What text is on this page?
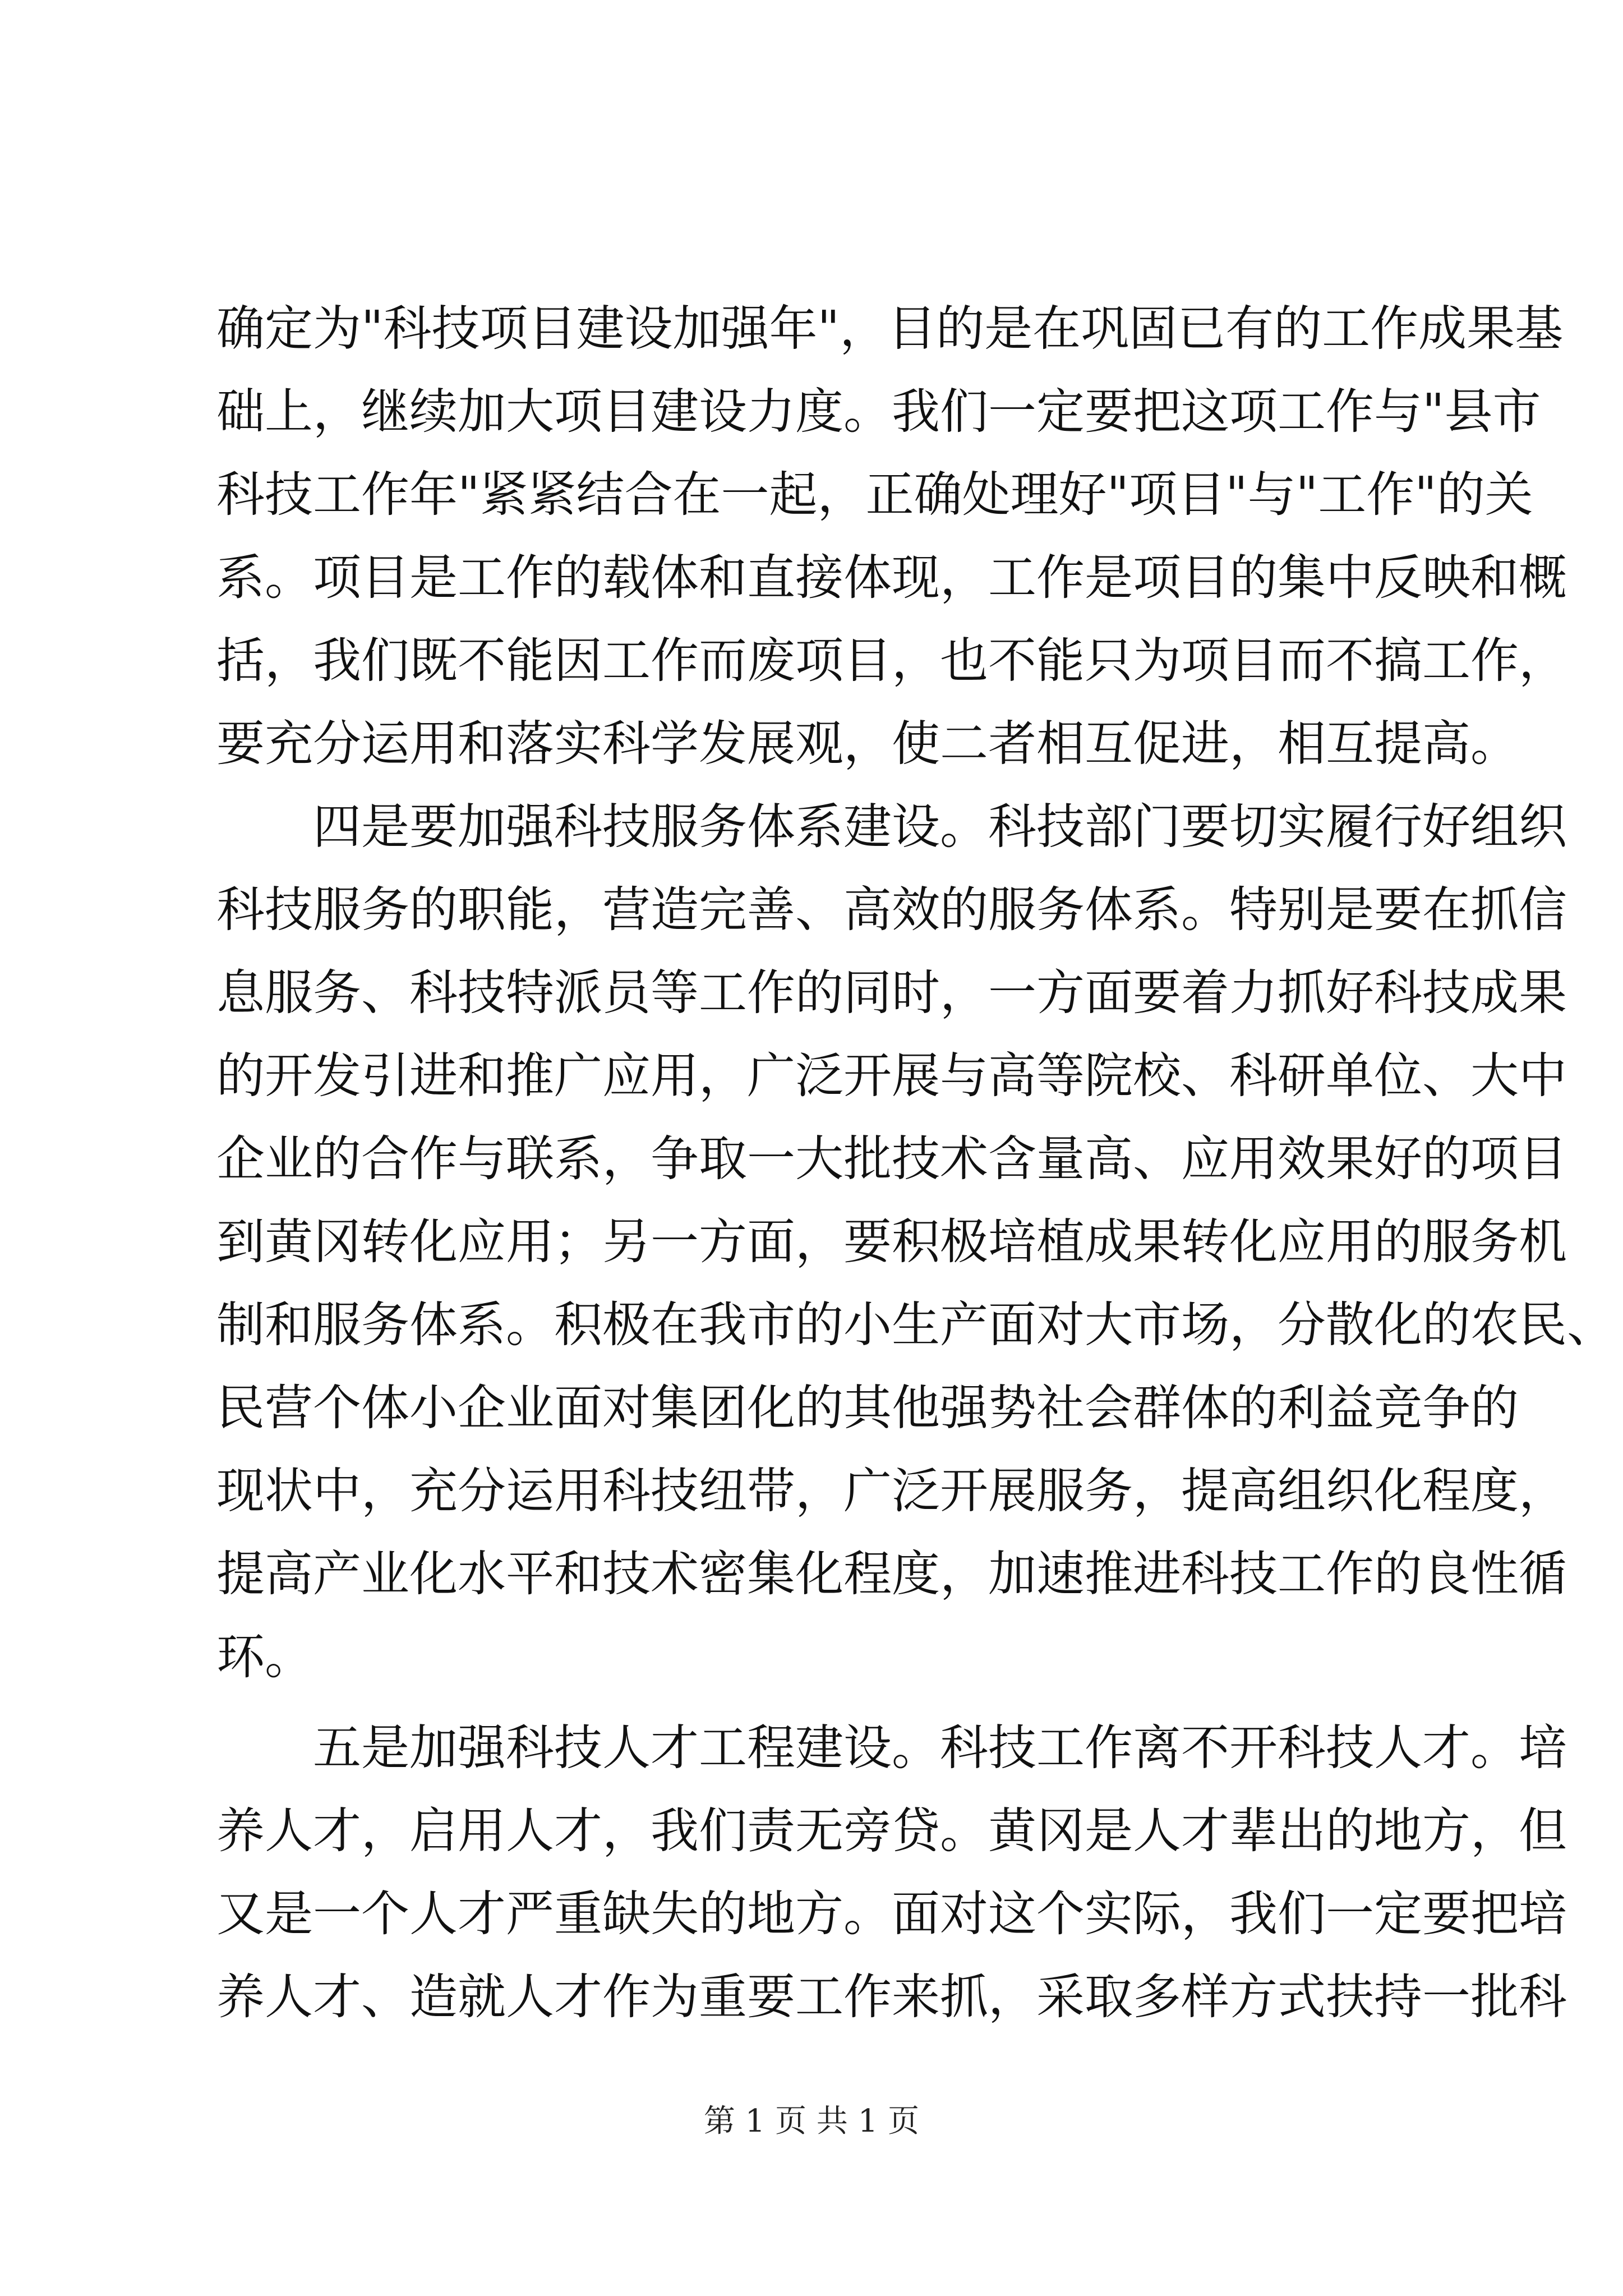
确定为"科技项目建设加强年"，目的是在巩固已有的工作成果基
础上，继续加大项目建设力度。我们一定要把这项工作与"县市
科技工作年"紧紧结合在一起，正确处理好"项目"与"工作"的关
系。项目是工作的载体和直接体现，工作是项目的集中反映和概
括，我们既不能因工作而废项目，也不能只为项目而不搞工作，
要充分运用和落实科学发展观，使二者相互促进，相互提高。
四是要加强科技服务体系建设。科技部门要切实履行好组织
科技服务的职能，营造完善、高效的服务体系。特别是要在抓信
息服务、科技特派员等工作的同时，一方面要着力抓好科技成果
的开发引进和推广应用，广泛开展与高等院校、科研单位、大中
企业的合作与联系，争取一大批技术含量高、应用效果好的项目
到黄冈转化应用；另一方面，要积极培植成果转化应用的服务机
制和服务体系。积极在我市的小生产面对大市场，分散化的农民、
民营个体小企业面对集团化的其他强势社会群体的利益竞争的
现状中，充分运用科技纽带，广泛开展服务，提高组织化程度，
提高产业化水平和技术密集化程度，加速推进科技工作的良性循
环。
五是加强科技人才工程建设。科技工作离不开科技人才。培
养人才，启用人才，我们责无旁贷。黄冈是人才辈出的地方，但
又是一个人才严重缺失的地方。面对这个实际，我们一定要把培
养人才、造就人才作为重要工作来抓，采取多样方式扶持一批科
第 1 页 共 1 页
